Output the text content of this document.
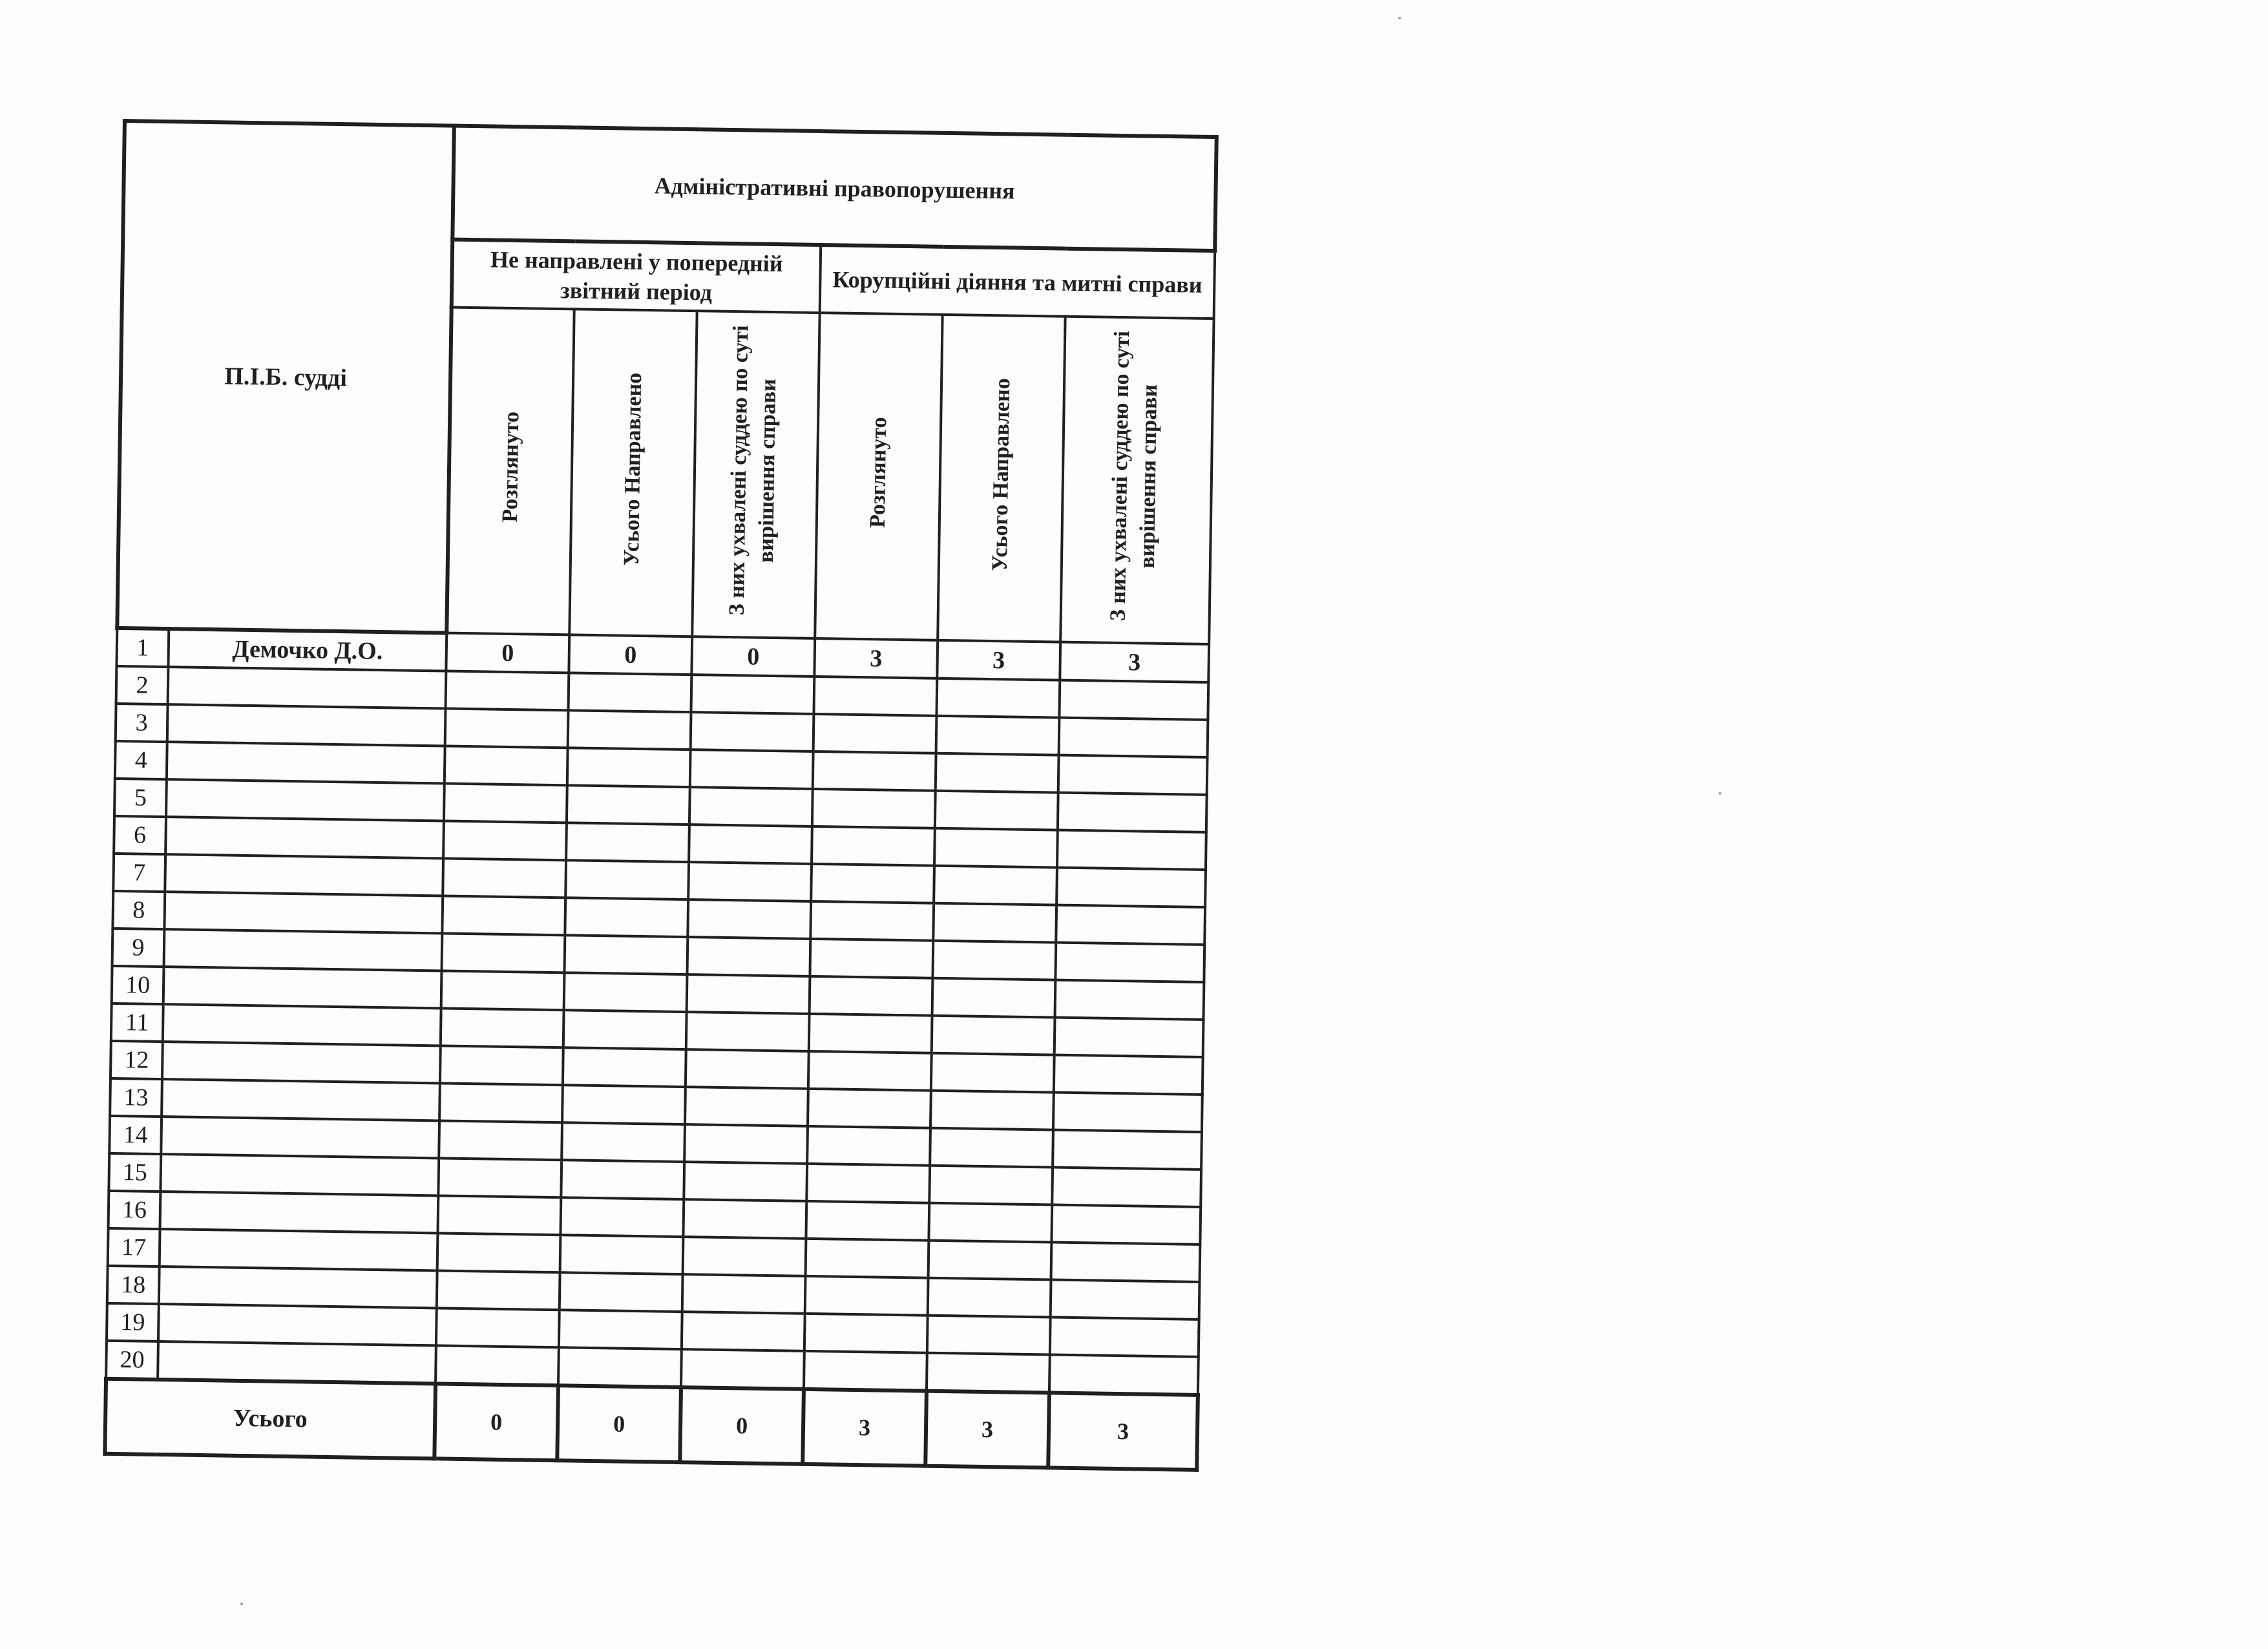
П.І.Б. судді		Адміністративні правопорушення					
		Не направлені у попередній звітний період			Корупційні діяння та митні справи		
		Розглянуто	Усього Направлено	З них ухвалені суддею по суті вирішення справи	Розглянуто	Усього Направлено	З них ухвалені суддею по суті вирішення справи
1	Демочко Д.О.	0	0	0	3	3	3
2							
3							
4							
5							
6							
7							
8							
9							
10							
11							
12							
13							
14							
15							
16							
17							
18							
19							
20							
Усього		0	0	0	3	3	3
